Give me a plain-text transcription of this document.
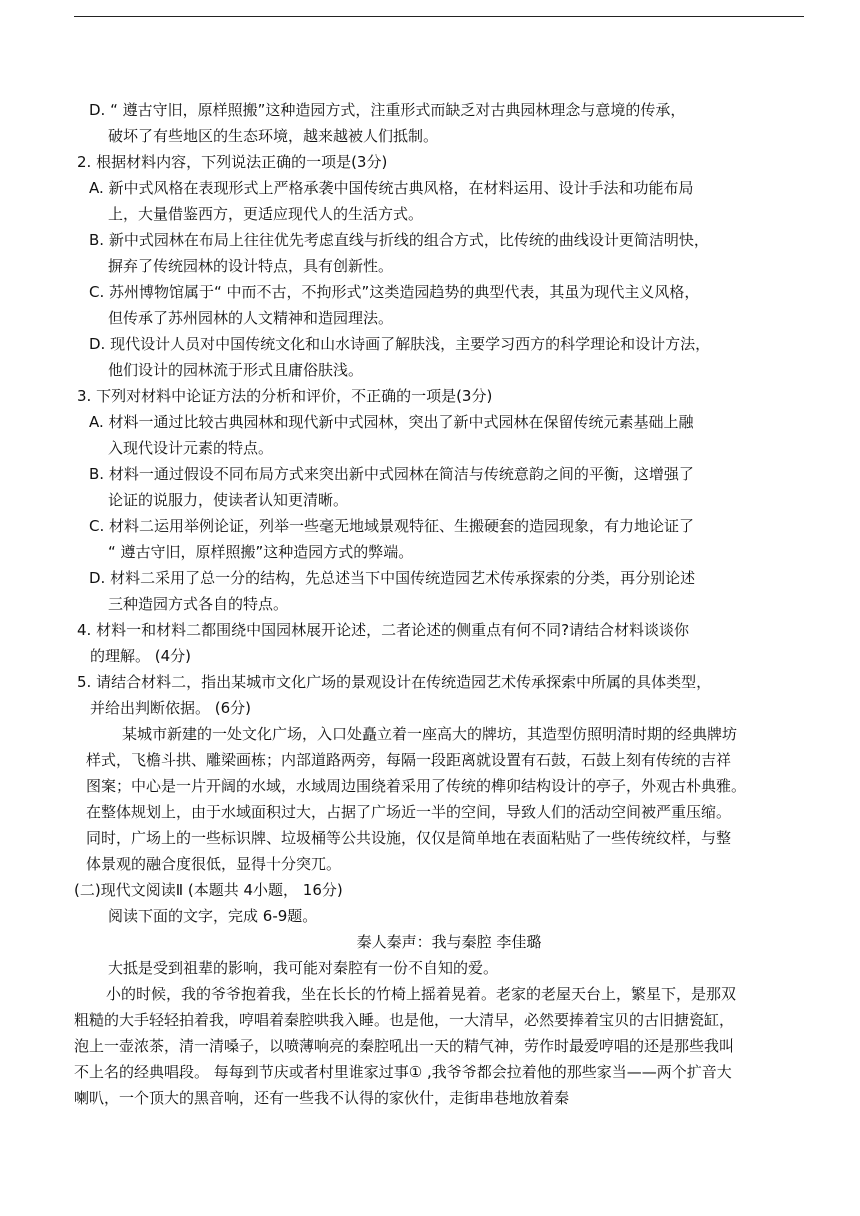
D. “ 遵古守旧，原样照搬”这种造园方式，注重形式而缺乏对古典园林理念与意境的传承，
破坏了有些地区的生态环境，越来越被人们抵制。
2. 根据材料内容，下列说法正确的一项是(3分)
A. 新中式风格在表现形式上严格承袭中国传统古典风格，在材料运用、设计手法和功能布局
上，大量借鉴西方，更适应现代人的生活方式。
B. 新中式园林在布局上往往优先考虑直线与折线的组合方式，比传统的曲线设计更简洁明快，
摒弃了传统园林的设计特点，具有创新性。
C. 苏州博物馆属于“ 中而不古，不拘形式”这类造园趋势的典型代表，其虽为现代主义风格，
但传承了苏州园林的人文精神和造园理法。
D. 现代设计人员对中国传统文化和山水诗画了解肤浅，主要学习西方的科学理论和设计方法，
他们设计的园林流于形式且庸俗肤浅。
3. 下列对材料中论证方法的分析和评价，不正确的一项是(3分)
A. 材料一通过比较古典园林和现代新中式园林，突出了新中式园林在保留传统元素基础上融
入现代设计元素的特点。
B. 材料一通过假设不同布局方式来突出新中式园林在简洁与传统意韵之间的平衡，这增强了
论证的说服力，使读者认知更清晰。
C. 材料二运用举例论证，列举一些毫无地域景观特征、生搬硬套的造园现象，有力地论证了
“ 遵古守旧，原样照搬”这种造园方式的弊端。
D. 材料二采用了总一分的结构，先总述当下中国传统造园艺术传承探索的分类，再分别论述
三种造园方式各自的特点。
4. 材料一和材料二都围绕中国园林展开论述，二者论述的侧重点有何不同?请结合材料谈谈你
的理解。 (4分)
5. 请结合材料二，指出某城市文化广场的景观设计在传统造园艺术传承探索中所属的具体类型，
并给出判断依据。 (6分)
某城市新建的一处文化广场，入口处矗立着一座高大的牌坊，其造型仿照明清时期的经典牌坊
样式，飞檐斗拱、雕梁画栋；内部道路两旁，每隔一段距离就设置有石鼓，石鼓上刻有传统的吉祥
图案；中心是一片开阔的水域，水域周边围绕着采用了传统的榫卯结构设计的亭子，外观古朴典雅。
在整体规划上，由于水域面积过大，占据了广场近一半的空间，导致人们的活动空间被严重压缩。
同时，广场上的一些标识牌、垃圾桶等公共设施，仅仅是简单地在表面粘贴了一些传统纹样，与整
体景观的融合度很低，显得十分突兀。
(二)现代文阅读Ⅱ (本题共 4小题， 16分)
阅读下面的文字，完成 6-9题。
秦人秦声：我与秦腔 李佳璐
大抵是受到祖辈的影响，我可能对秦腔有一份不自知的爱。
小的时候，我的爷爷抱着我，坐在长长的竹椅上摇着晃着。老家的老屋天台上，繁星下，是那双
粗糙的大手轻轻拍着我，哼唱着秦腔哄我入睡。也是他，一大清早，必然要捧着宝贝的古旧搪瓷缸，
泡上一壶浓茶，清一清嗓子，以喷薄响亮的秦腔吼出一天的精气神，劳作时最爱哼唱的还是那些我叫
不上名的经典唱段。 每每到节庆或者村里谁家过事① ,我爷爷都会拉着他的那些家当——两个扩音大
喇叭，一个顶大的黑音响，还有一些我不认得的家伙什，走街串巷地放着秦
